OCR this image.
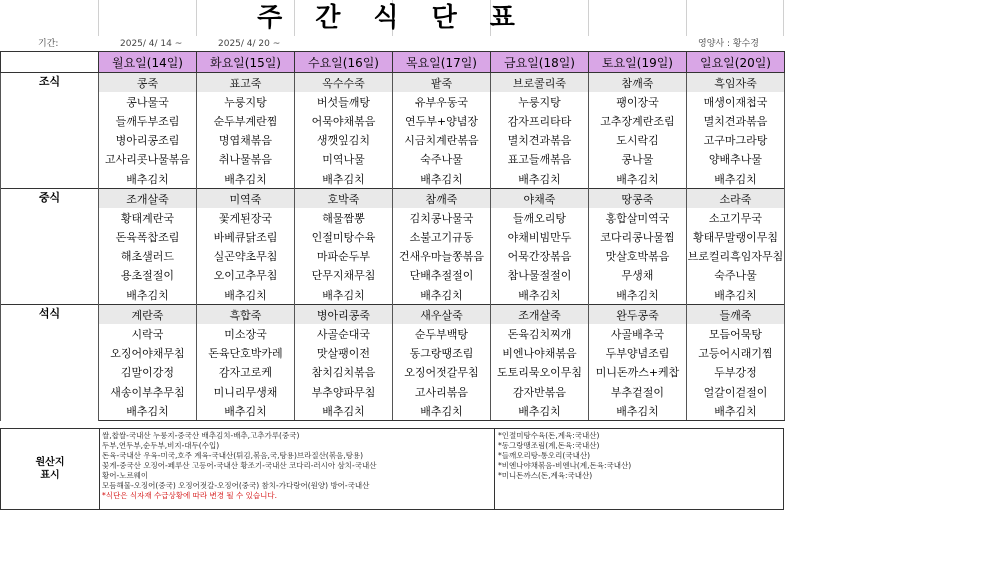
주 간 식 단 표
기간:	2025/ 4/ 14 ~	2025/ 4/ 20 ~	영양사 : 황수경
	월요일(14일)	화요일(15일)	수요일(16일)	목요일(17일)	금요일(18일)	토요일(19일)	일요일(20일)
조식	콩죽	표고죽	옥수수죽	팥죽	브로콜리죽	참깨죽	흑임자죽
	콩나물국	누룽지탕	버섯들깨탕	유부우동국	누룽지탕	팽이장국	매생이재첩국
	들깨두부조림	순두부계란찜	어묵야채볶음	연두부+양념장	감자프리타타	고추장계란조림	멸치견과볶음
	병아리콩조림	명엽채볶음	생깻잎김치	시금치계란볶음	멸치견과볶음	도시락김	고구마그라탕
	고사리콧나물볶음	취나물볶음	미역나물	숙주나물	표고들깨볶음	콩나물	양배추나물
	배추김치	배추김치	배추김치	배추김치	배추김치	배추김치	배추김치
중식	조개살죽	미역죽	호박죽	참깨죽	야채죽	땅콩죽	소라죽
	황태계란국	꽃게된장국	해물짬뽕	김치콩나물국	들깨오리탕	홍합살미역국	소고기무국
	돈육폭찹조림	바베큐닭조림	인절미탕수육	소불고기규동	야채비빔만두	코다리콩나물찜	황태무말랭이무침
	해초샐러드	실곤약초무침	마파순두부	건새우마늘쫑볶음	어묵간장볶음	맛살호박볶음	브로컬리흑임자무침
	용초절절이	오이고추무침	단무지채무침	단배추절절이	참나물절절이	무생채	숙주나물
	배추김치	배추김치	배추김치	배추김치	배추김치	배추김치	배추김치
석식	계란죽	흑합죽	병아리콩죽	새우살죽	조개살죽	완두콩죽	들깨죽
	시락국	미소장국	사골순대국	순두부백탕	돈육김치찌개	사골배추국	모듬어묵탕
	오징어야채무침	돈육단호박카레	맛살팽이전	동그랑땡조림	비엔나야채볶음	두부양념조림	고등어시래기찜
	김말이강정	감자고로케	참치김치볶음	오징어젓갈무침	도토리묵오이무침	미니돈까스+케찹	두부강정
	새송이부추무침	미니리무생채	부추양파무침	고사리볶음	감자반볶음	부추겉절이	얼갈이겉절이
	배추김치	배추김치	배추김치	배추김치	배추김치	배추김치	배추김치
원산지
표시
쌀,찹쌀-국내산 누룽지-중국산 배추김치-배추,고추가루(중국)
두부,연두부,순두부,비지-대두(수입)
돈육-국내산 우육-미국,호주 계육-국내산(튀김,볶음,국,탕용)브라질산(볶음,탕용)
꽃게-중국산 오징어-페루산 고등어-국내산 황조기-국내산 코다리-러시아 삼치-국내산
황어-노르웨이
모듬해물-오징어(중국) 오징어젓갈-오징어(중국) 참치-가다랑어(원양) 방어-국내산
*식단은 식자재 수급상황에 따라 변경 될 수 있습니다.
*인절미탕수육(돈,계육:국내산)
*동그랑땡조림(계,돈육:국내산)
*들깨오리탕-통오리(국내산)
*비엔나야채볶음-비엔나(계,돈육:국내산)
*미니돈까스(돈,계육:국내산)
